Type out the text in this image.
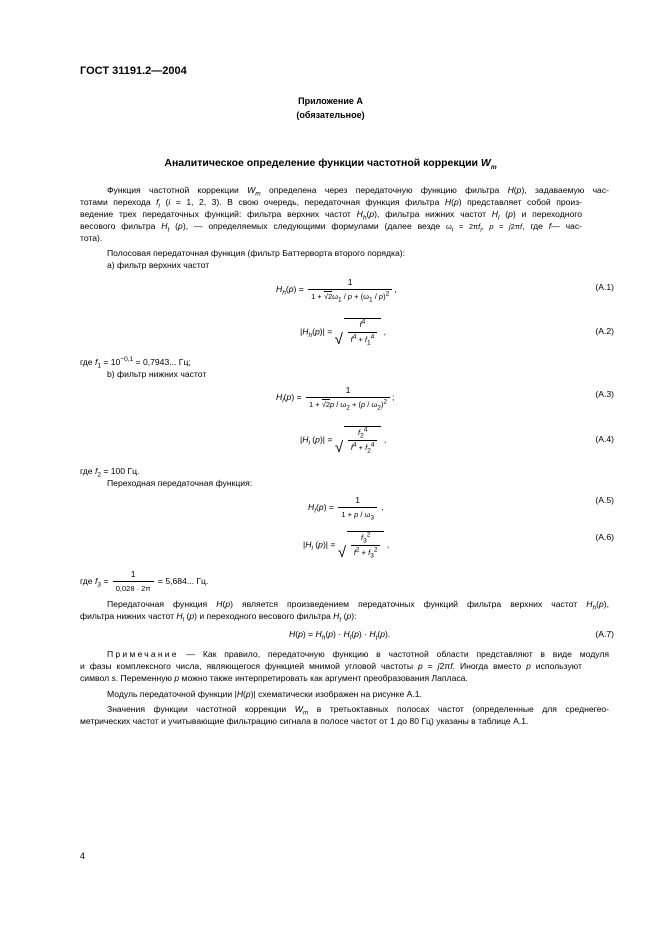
ГОСТ 31191.2—2004
Приложение А
(обязательное)
Аналитическое определение функции частотной коррекции $W_m$
Функция частотной коррекции $W_m$ определена через передаточную функцию фильтра H(p), задаваемую час-
тотами перехода $f_i$ (i = 1, 2, 3). В свою очередь, передаточная функция фильтра H(p) представляет собой произ-
ведение трех передаточных функций: фильтра верхних частот $H_h(p)$, фильтра нижних частот $H_l$ (p) и переходного
весового фильтра $H_t$ (p), — определяемых следующими формулами (далее везде $\omega_i = 2\pi f_i$, p = j2πf, где f— час-
тота).
Полосовая передаточная функция (фильтр Баттерворта второго порядка):
а) фильтр верхних частот
$H_h(p) = \frac{1}{1 + √2\omega_1 / p + (\omega_1 / p)^2}$ ,	(А.1)
$|H_h(p)|$ = √ $\frac{f^4}{f^4 + f_1^4}$ ,	(А.2)
где $f_1 = 10^{-0,1} = 0,7943$... Гц;
b) фильтр нижних частот
$H_l(p) = \frac{1}{1 + √2p / \omega_2 + (p / \omega_2)^2}$ ;	(А.3)
$|H_l$ (p)| = √ $\frac{f_2^4}{f^4 + f_2^4}$ ,	(А.4)
где $f_2 = 100$ Гц.
Переходная передаточная функция:
$H_t(p) = \frac{1}{1 + p / \omega_3}$ ,
(А.5)
$|H_l$ (p)| = √ $\frac{f_3^2}{f^2 + f_3^2}$ ,
(А.6)
где $f_3 = \frac{1}{0,028 \cdot 2\pi} = 5,684$... Гц.
Передаточная функция H(p) является произведением передаточных функций фильтра верхних частот $H_h(p)$,
фильтра нижних частот $H_l$ (p) и переходного весового фильтра $H_t$ (p):
$H(p) = H_h(p) \cdot H_l(p) \cdot H_t(p)$.	(А.7)
Примечание — Как правило, передаточную функцию в частотной области представляют в виде модуля
и фазы комплексного числа, являющегося функцией мнимой угловой частоты p = j2πf. Иногда вместо p используют
символ s. Переменную p можно также интерпретировать как аргумент преобразования Лапласа.
Модуль передаточной функции |H(p)| схематически изображен на рисунке А.1.
Значения функции частотной коррекции $W_m$ в третьоктавных полосах частот (определенные для среднегео-
метрических частот и учитывающие фильтрацию сигнала в полосе частот от 1 до 80 Гц) указаны в таблице А.1.
4
